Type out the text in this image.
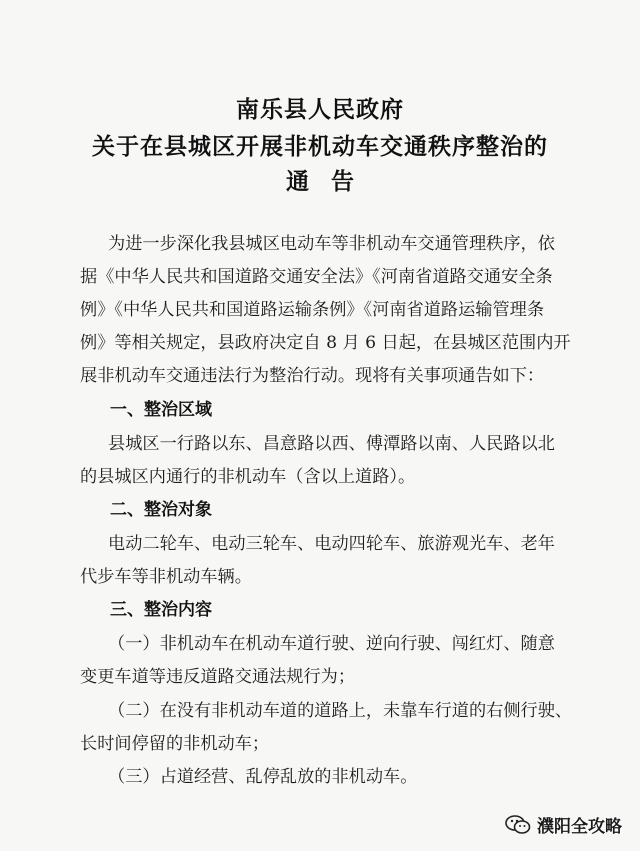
南乐县人民政府
关于在县城区开展非机动车交通秩序整治的
通告
为进一步深化我县城区电动车等非机动车交通管理秩序，依
据《中华人民共和国道路交通安全法》《河南省道路交通安全条
例》《中华人民共和国道路运输条例》《河南省道路运输管理条
例》等相关规定，县政府决定自 8 月 6 日起，在县城区范围内开
展非机动车交通违法行为整治行动。现将有关事项通告如下：
一、整治区域
县城区一行路以东、昌意路以西、傅潭路以南、人民路以北
的县城区内通行的非机动车（含以上道路）。
二、整治对象
电动二轮车、电动三轮车、电动四轮车、旅游观光车、老年
代步车等非机动车辆。
三、整治内容
（一）非机动车在机动车道行驶、逆向行驶、闯红灯、随意
变更车道等违反道路交通法规行为；
（二）在没有非机动车道的道路上，未靠车行道的右侧行驶、
长时间停留的非机动车；
（三）占道经营、乱停乱放的非机动车。
濮阳全攻略
